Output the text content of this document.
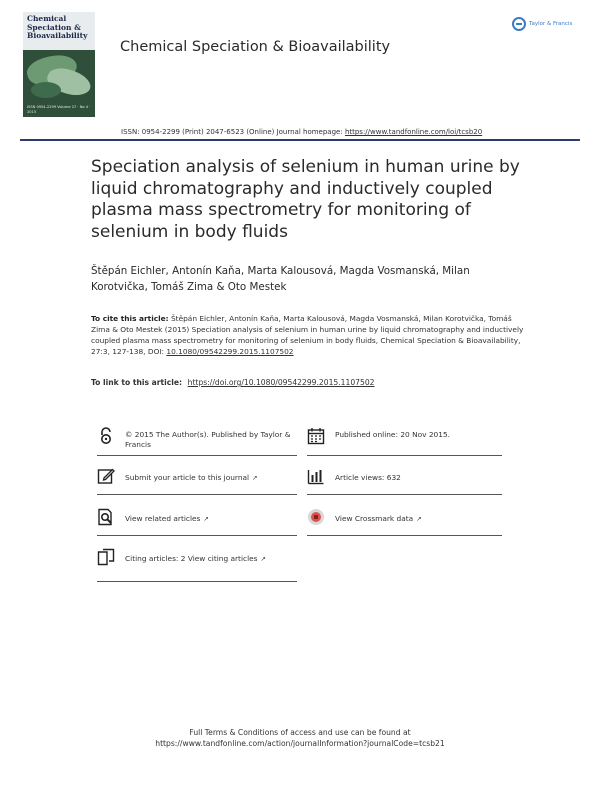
Chemical Speciation & Bioavailability
ISSN 0954-2299 Volume 27 · No 4 · 2015
Chemical Speciation & Bioavailability
Taylor & Francis
ISSN: 0954-2299 (Print) 2047-6523 (Online) Journal homepage: https://www.tandfonline.com/loi/tcsb20
Speciation analysis of selenium in human urine by liquid chromatography and inductively coupled plasma mass spectrometry for monitoring of selenium in body fluids
Štěpán Eichler, Antonín Kaňa, Marta Kalousová, Magda Vosmanská, Milan Korotvička, Tomáš Zima & Oto Mestek
To cite this article: Štěpán Eichler, Antonín Kaňa, Marta Kalousová, Magda Vosmanská, Milan Korotvička, Tomáš Zima & Oto Mestek (2015) Speciation analysis of selenium in human urine by liquid chromatography and inductively coupled plasma mass spectrometry for monitoring of selenium in body fluids, Chemical Speciation & Bioavailability, 27:3, 127-138, DOI: 10.1080/09542299.2015.1107502
To link to this article: https://doi.org/10.1080/09542299.2015.1107502
© 2015 The Author(s). Published by Taylor & Francis
Published online: 20 Nov 2015.
Submit your article to this journal ↗	Article views: 632
View related articles ↗	View Crossmark data ↗
Citing articles: 2 View citing articles ↗
Full Terms & Conditions of access and use can be found at
https://www.tandfonline.com/action/journalInformation?journalCode=tcsb21
